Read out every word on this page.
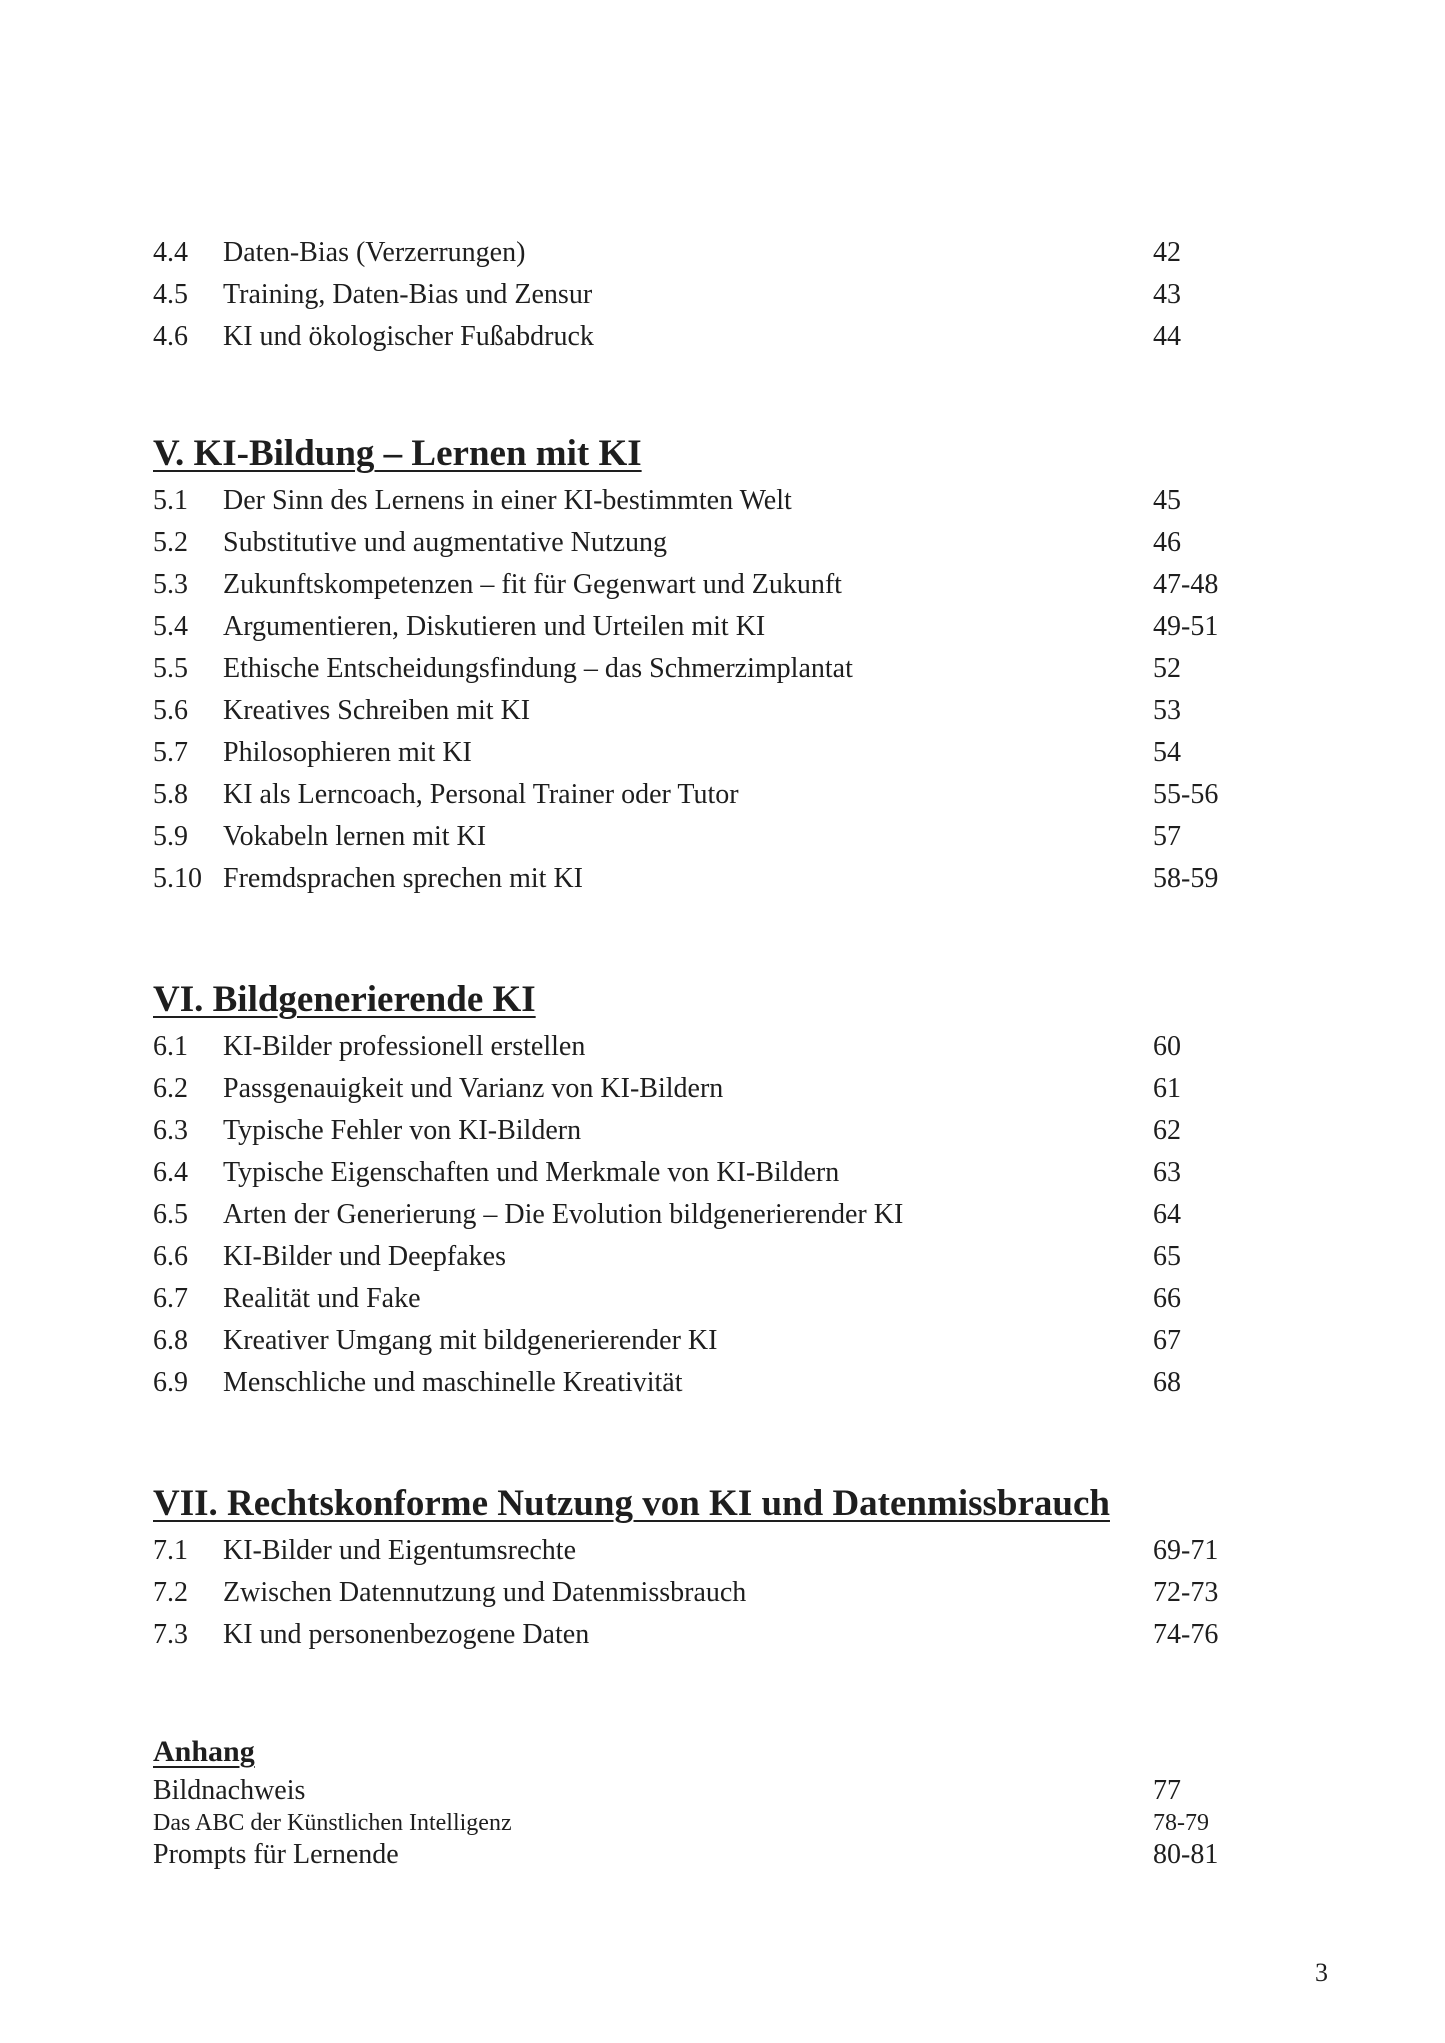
4.4 Daten-Bias (Verzerrungen)	42
4.5 Training, Daten-Bias und Zensur	43
4.6 KI und ökologischer Fußabdruck	44
V. KI-Bildung – Lernen mit KI
5.1 Der Sinn des Lernens in einer KI-bestimmten Welt	45
5.2 Substitutive und augmentative Nutzung	46
5.3 Zukunftskompetenzen – fit für Gegenwart und Zukunft	47-48
5.4 Argumentieren, Diskutieren und Urteilen mit KI	49-51
5.5 Ethische Entscheidungsfindung – das Schmerzimplantat	52
5.6 Kreatives Schreiben mit KI	53
5.7 Philosophieren mit KI	54
5.8 KI als Lerncoach, Personal Trainer oder Tutor	55-56
5.9 Vokabeln lernen mit KI	57
5.10 Fremdsprachen sprechen mit KI	58-59
VI. Bildgenerierende KI
6.1 KI-Bilder professionell erstellen	60
6.2 Passgenauigkeit und Varianz von KI-Bildern	61
6.3 Typische Fehler von KI-Bildern	62
6.4 Typische Eigenschaften und Merkmale von KI-Bildern	63
6.5 Arten der Generierung – Die Evolution bildgenerierender KI	64
6.6 KI-Bilder und Deepfakes	65
6.7 Realität und Fake	66
6.8 Kreativer Umgang mit bildgenerierender KI	67
6.9 Menschliche und maschinelle Kreativität	68
VII. Rechtskonforme Nutzung von KI und Datenmissbrauch
7.1 KI-Bilder und Eigentumsrechte	69-71
7.2 Zwischen Datennutzung und Datenmissbrauch	72-73
7.3 KI und personenbezogene Daten	74-76
Anhang
Bildnachweis	77
Das ABC der Künstlichen Intelligenz	78-79
Prompts für Lernende	80-81
3
